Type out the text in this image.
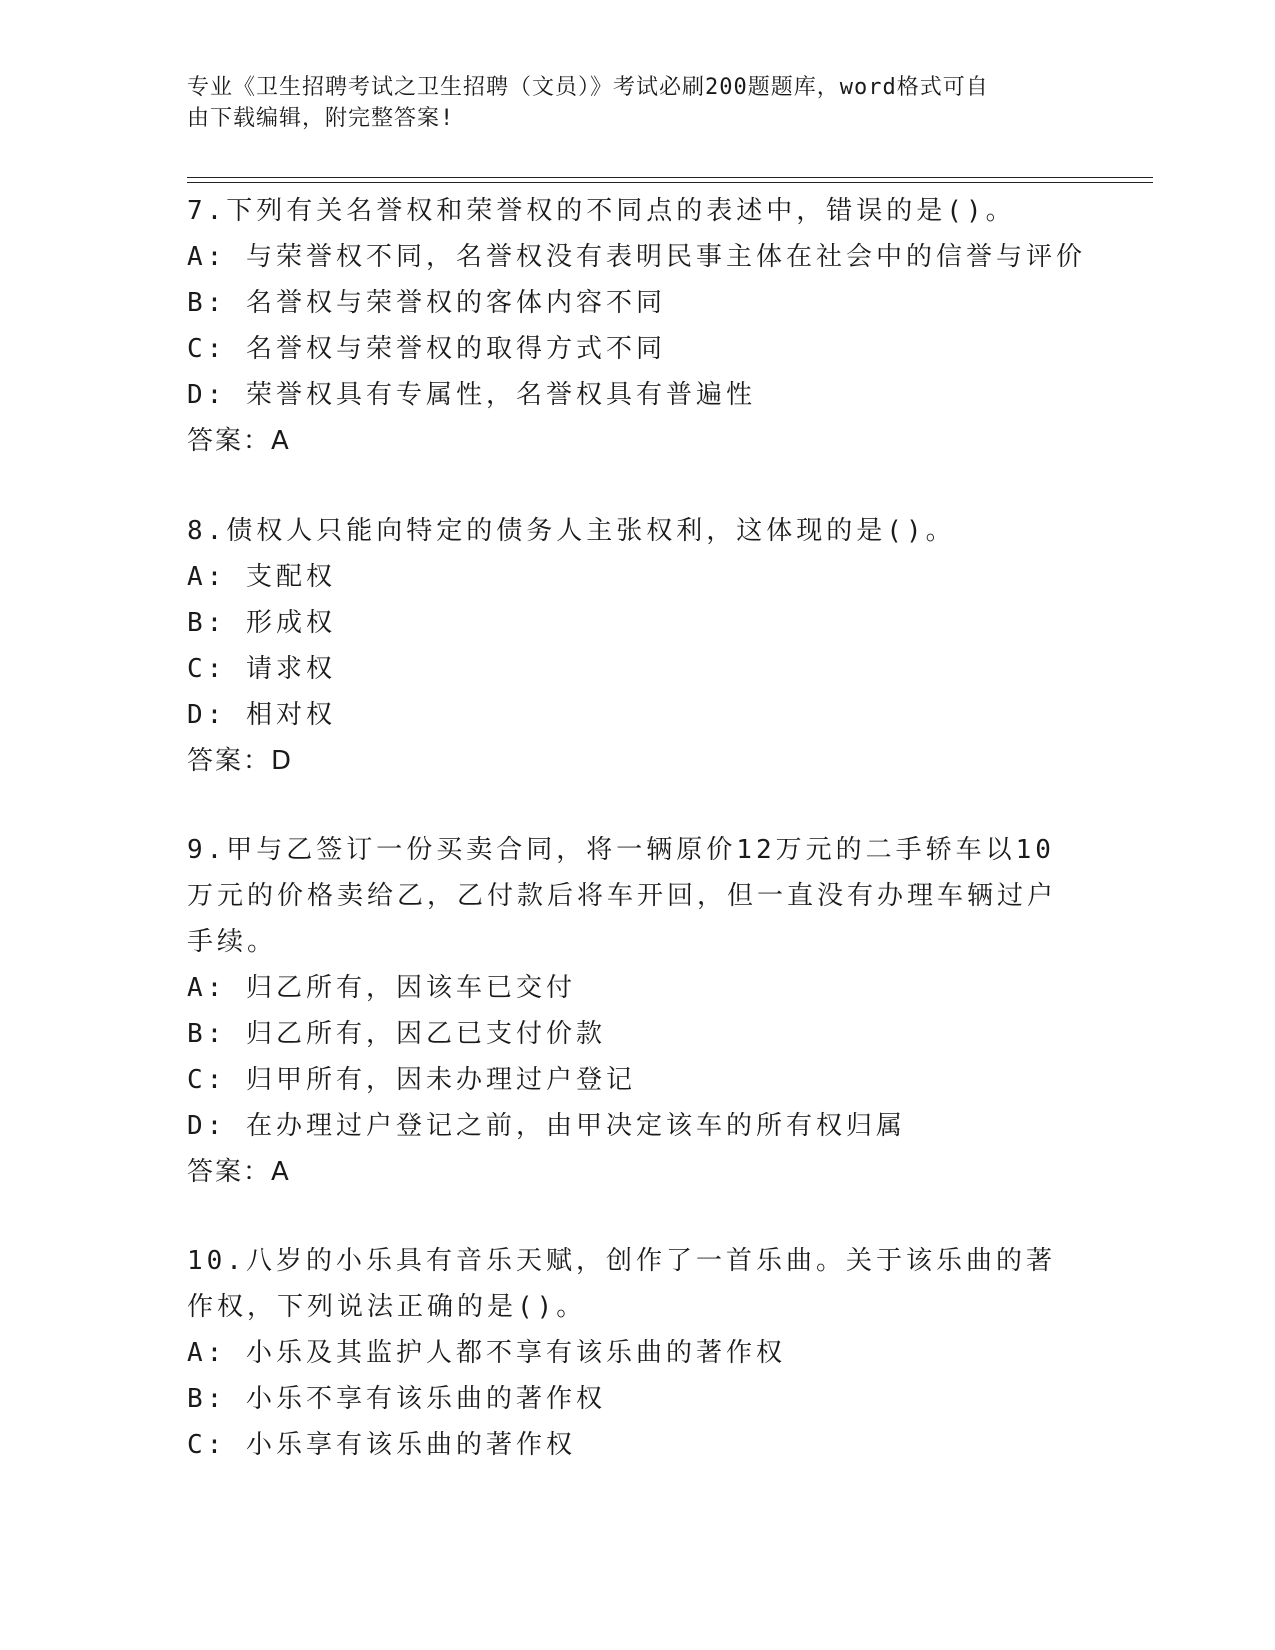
专业《卫生招聘考试之卫生招聘（文员）》考试必刷200题题库，word格式可自
由下载编辑，附完整答案!
7.下列有关名誉权和荣誉权的不同点的表述中，错误的是()。
A: 与荣誉权不同，名誉权没有表明民事主体在社会中的信誉与评价
B: 名誉权与荣誉权的客体内容不同
C: 名誉权与荣誉权的取得方式不同
D: 荣誉权具有专属性，名誉权具有普遍性
答案：A
8.债权人只能向特定的债务人主张权利，这体现的是()。
A: 支配权
B: 形成权
C: 请求权
D: 相对权
答案：D
9.甲与乙签订一份买卖合同，将一辆原价12万元的二手轿车以10万元的价格卖给乙，乙付款后将车开回，但一直没有办理车辆过户手续。
A: 归乙所有，因该车已交付
B: 归乙所有，因乙已支付价款
C: 归甲所有，因未办理过户登记
D: 在办理过户登记之前，由甲决定该车的所有权归属
答案：A
10.八岁的小乐具有音乐天赋，创作了一首乐曲。关于该乐曲的著作权，下列说法正确的是()。
A: 小乐及其监护人都不享有该乐曲的著作权
B: 小乐不享有该乐曲的著作权
C: 小乐享有该乐曲的著作权
